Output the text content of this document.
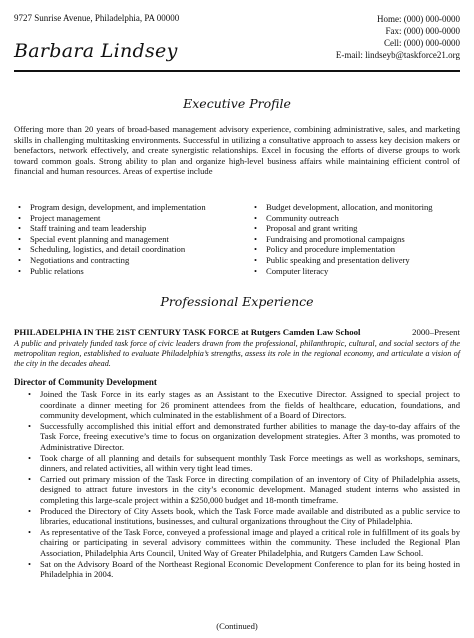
9727 Sunrise Avenue, Philadelphia, PA 00000	Home: (000) 000-0000
Fax: (000) 000-0000
Cell: (000) 000-0000
E-mail: lindseyb@taskforce21.org
Barbara Lindsey
Executive Profile
Offering more than 20 years of broad-based management advisory experience, combining administrative, sales, and marketing skills in challenging multitasking environments. Successful in utilizing a consultative approach to assess key decision makers or benefactors, network effectively, and create synergistic relationships. Excel in focusing the efforts of diverse groups to work toward common goals. Strong ability to plan and organize high-level business affairs while maintaining efficient control of financial and human resources. Areas of expertise include
• Program design, development, and implementation
• Project management
• Staff training and team leadership
• Special event planning and management
• Scheduling, logistics, and detail coordination
• Negotiations and contracting
• Public relations
• Budget development, allocation, and monitoring
• Community outreach
• Proposal and grant writing
• Fundraising and promotional campaigns
• Policy and procedure implementation
• Public speaking and presentation delivery
• Computer literacy
Professional Experience
PHILADELPHIA IN THE 21ST CENTURY TASK FORCE at Rutgers Camden Law School	2000–Present
A public and privately funded task force of civic leaders drawn from the professional, philanthropic, cultural, and social sectors of the metropolitan region, established to evaluate Philadelphia’s strengths, assess its role in the regional economy, and articulate a vision of the city in the decades ahead.
Director of Community Development
• Joined the Task Force in its early stages as an Assistant to the Executive Director. Assigned to special project to coordinate a dinner meeting for 26 prominent attendees from the fields of healthcare, education, foundations, and community development, which culminated in the establishment of a Board of Directors.
• Successfully accomplished this initial effort and demonstrated further abilities to manage the day-to-day affairs of the Task Force, freeing executive’s time to focus on organization development strategies. After 3 months, was promoted to Administrative Director.
• Took charge of all planning and details for subsequent monthly Task Force meetings as well as workshops, seminars, dinners, and related activities, all within very tight lead times.
• Carried out primary mission of the Task Force in directing compilation of an inventory of City of Philadelphia assets, designed to attract future investors in the city’s economic development. Managed student interns who assisted in completing this large-scale project within a $250,000 budget and 18-month timeframe.
• Produced the Directory of City Assets book, which the Task Force made available and distributed as a public service to libraries, educational institutions, businesses, and cultural organizations throughout the City of Philadelphia.
• As representative of the Task Force, conveyed a professional image and played a critical role in fulfillment of its goals by chairing or participating in several advisory committees within the community. These included the Regional Plan Association, Philadelphia Arts Council, United Way of Greater Philadelphia, and Rutgers Camden Law School.
• Sat on the Advisory Board of the Northeast Regional Economic Development Conference to plan for its being hosted in Philadelphia in 2004.
(Continued)
